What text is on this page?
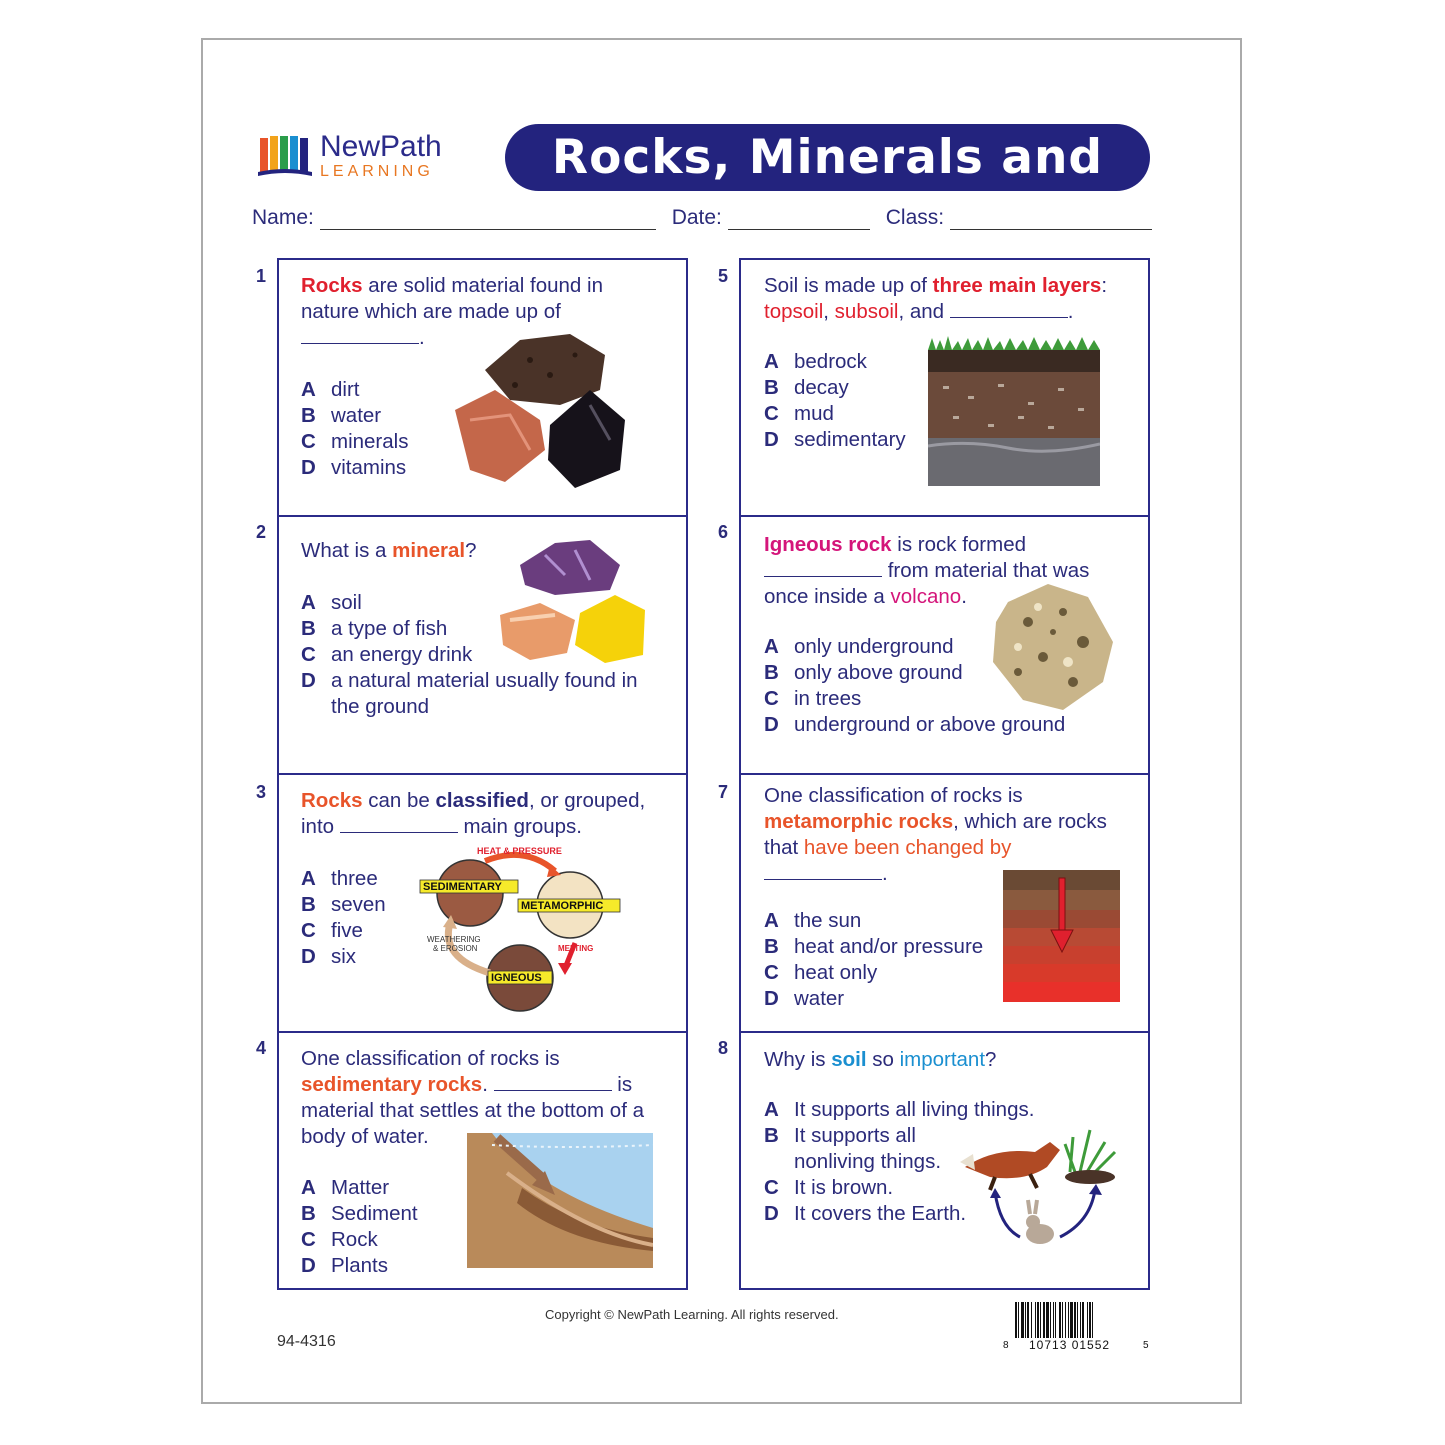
NewPath
LEARNING	Rocks, Minerals and Soil
Name:	Date:	Class:
1
2
3
4
5
6
7
8
Rocks are solid material found in nature which are made up of
.
A dirt
B water
C minerals
D vitamins
What is a mineral?
A soil
B a type of fish
C an energy drink
D a natural material usually found in the ground
Rocks can be classified, or grouped, into	main groups.
A three
B seven
C five
D six
HEAT & PRESSURE
SEDIMENTARY
METAMORPHIC
IGNEOUS
WEATHERING
& EROSION	MELTING
One classification of rocks is
sedimentary rocks.	is material that settles at the bottom of a body of water.
A Matter
B Sediment
C Rock
D Plants
Soil is made up of three main layers:
topsoil, subsoil, and	.
A bedrock
B decay
C mud
D sedimentary
Igneous rock is rock formed
from material that was once inside a volcano.
A only underground
B only above ground
C in trees
D underground or above ground
One classification of rocks is
metamorphic rocks, which are rocks that have been changed by
.
A the sun
B heat and/or pressure
C heat only
D water
Why is soil so important?
A It supports all living things.
B It supports all nonliving things.
C It is brown.
D It covers the Earth.
Copyright © NewPath Learning. All rights reserved.
94-4316	8 10713 01552	5
